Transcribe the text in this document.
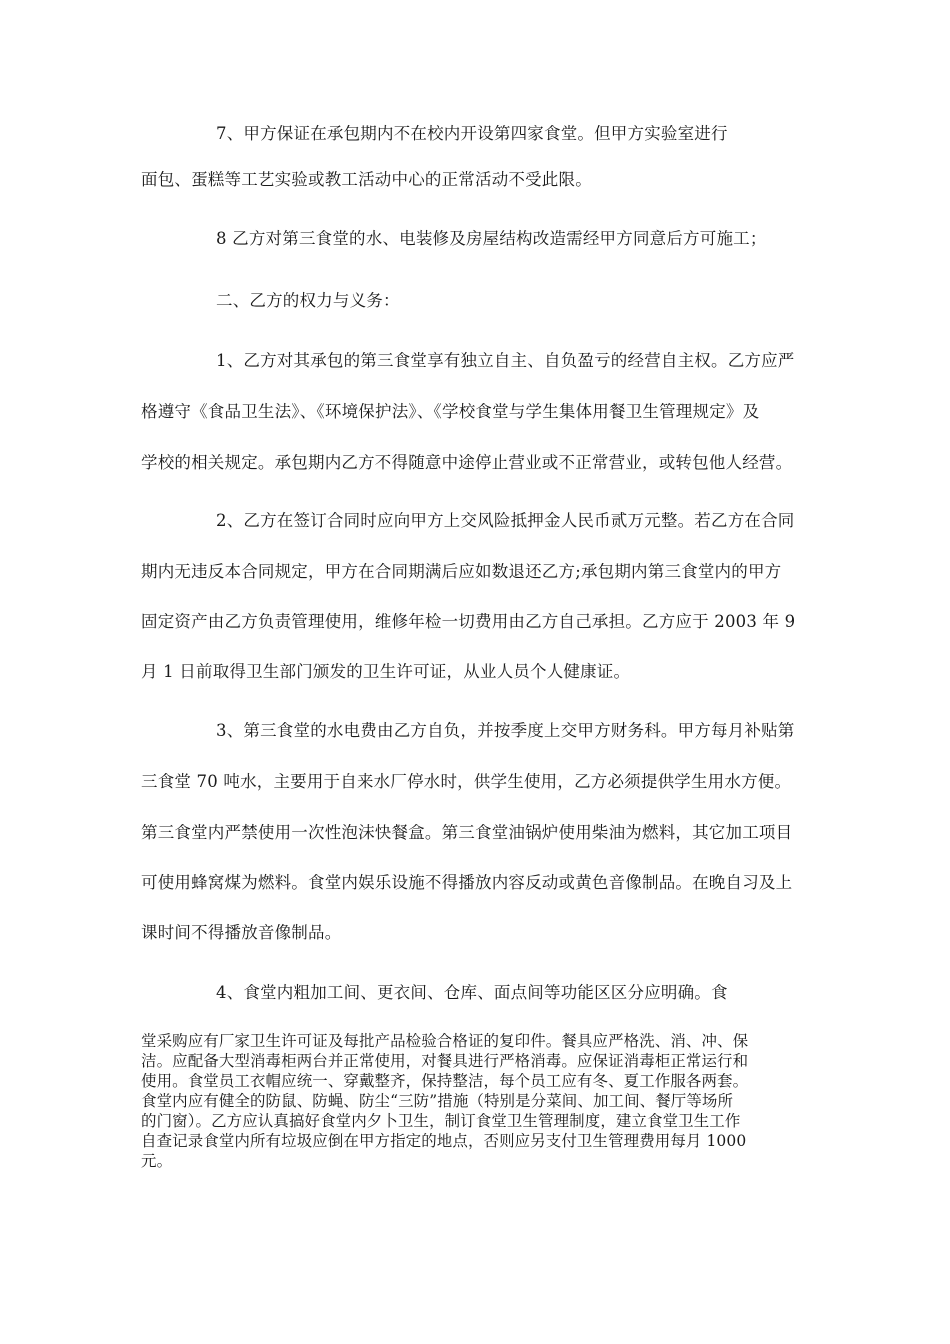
7、甲方保证在承包期内不在校内开设第四家食堂。但甲方实验室进行
面包、蛋糕等工艺实验或教工活动中心的正常活动不受此限。
8 乙方对第三食堂的水、电装修及房屋结构改造需经甲方同意后方可施工；
二、乙方的权力与义务：
1、乙方对其承包的第三食堂享有独立自主、自负盈亏的经营自主权。乙方应严
格遵守《食品卫生法》、《环境保护法》、《学校食堂与学生集体用餐卫生管理规定》及
学校的相关规定。承包期内乙方不得随意中途停止营业或不正常营业，或转包他人经营。
2、乙方在签订合同时应向甲方上交风险抵押金人民币贰万元整。若乙方在合同
期内无违反本合同规定，甲方在合同期满后应如数退还乙方;承包期内第三食堂内的甲方
固定资产由乙方负责管理使用，维修年检一切费用由乙方自己承担。乙方应于 2003 年 9
月 1 日前取得卫生部门颁发的卫生许可证，从业人员个人健康证。
3、第三食堂的水电费由乙方自负，并按季度上交甲方财务科。甲方每月补贴第
三食堂 70 吨水，主要用于自来水厂停水时，供学生使用，乙方必须提供学生用水方便。
第三食堂内严禁使用一次性泡沫快餐盒。第三食堂油锅炉使用柴油为燃料，其它加工项目
可使用蜂窝煤为燃料。食堂内娱乐设施不得播放内容反动或黄色音像制品。在晚自习及上
课时间不得播放音像制品。
4、食堂内粗加工间、更衣间、仓库、面点间等功能区区分应明确。食
堂采购应有厂家卫生许可证及每批产品检验合格证的复印件。餐具应严格洗、消、冲、保
洁。应配备大型消毒柜两台并正常使用，对餐具进行严格消毒。应保证消毒柜正常运行和
使用。食堂员工衣帽应统一、穿戴整齐，保持整洁，每个员工应有冬、夏工作服各两套。
食堂内应有健全的防鼠、防蝇、防尘“三防”措施（特别是分菜间、加工间、餐厅等场所
的门窗）。乙方应认真搞好食堂内夕卜卫生，制订食堂卫生管理制度，建立食堂卫生工作
自查记录食堂内所有垃圾应倒在甲方指定的地点，否则应另支付卫生管理费用每月 1000
元。
